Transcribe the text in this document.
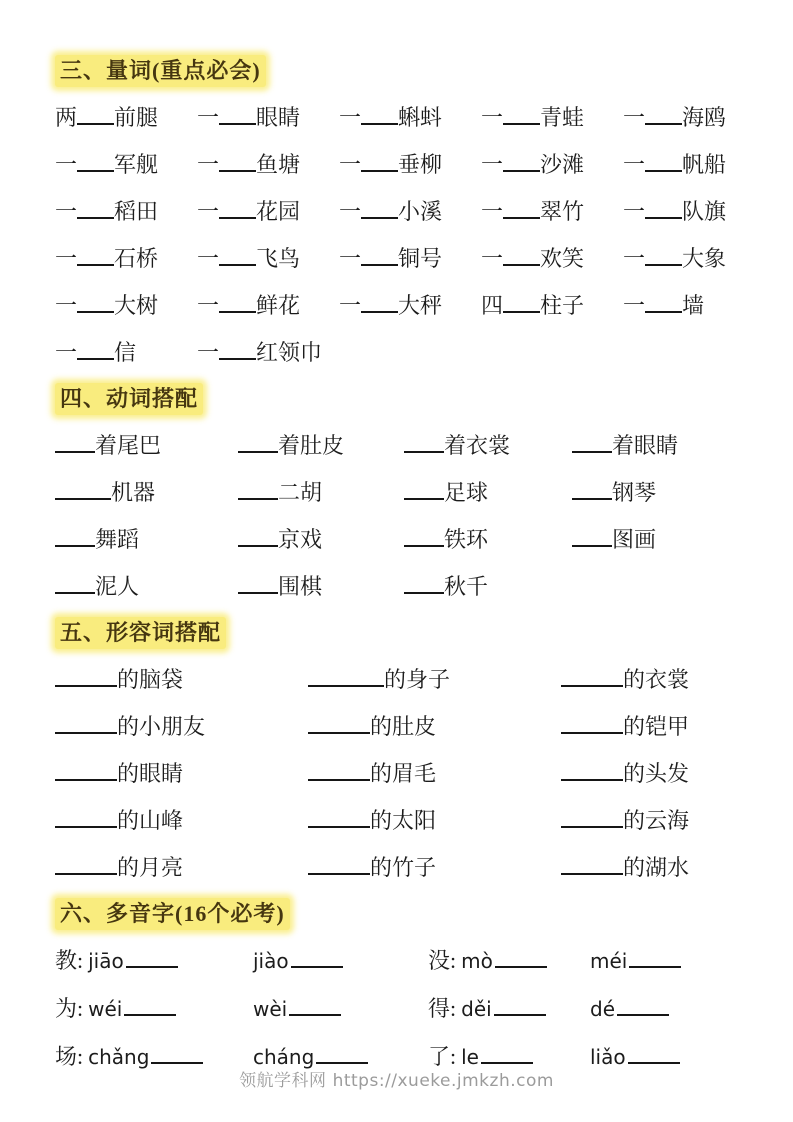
三、量词(重点必会)
两 前腿	一 眼睛	一 蝌蚪	一 青蛙	一 海鸥
一 军舰	一 鱼塘	一 垂柳	一 沙滩	一 帆船
一 稻田	一 花园	一 小溪	一 翠竹	一 队旗
一 石桥	一 飞鸟	一 铜号	一 欢笑	一 大象
一 大树	一 鲜花	一 大秤	四 柱子	一 墙
一 信	一 红领巾
四、动词搭配
着尾巴	着肚皮	着衣裳	着眼睛
机器	二胡	足球	钢琴
舞蹈	京戏	铁环	图画
泥人	围棋	秋千
五、形容词搭配
的脑袋	的身子	的衣裳
的小朋友	的肚皮	的铠甲
的眼睛	的眉毛	的头发
的山峰	的太阳	的云海
的月亮	的竹子	的湖水
六、多音字(16个必考)
教: jiāo	jiào	没: mò	méi
为: wéi	wèi	得: děi	dé
场: chǎng	cháng	了: le	liǎo
领航学科网 https://xueke.jmkzh.com
